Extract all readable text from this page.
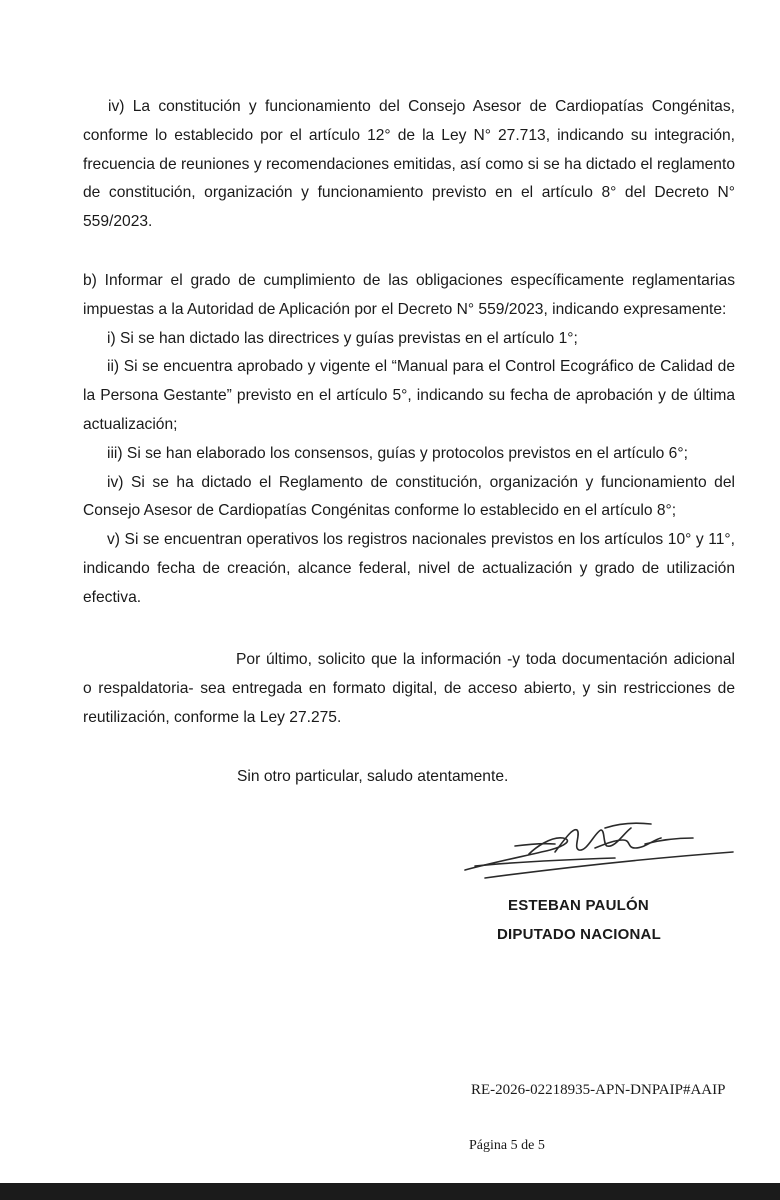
iv) La constitución y funcionamiento del Consejo Asesor de Cardiopatías Congénitas, conforme lo establecido por el artículo 12° de la Ley N° 27.713, indicando su integración, frecuencia de reuniones y recomendaciones emitidas, así como si se ha dictado el reglamento de constitución, organización y funcionamiento previsto en el artículo 8° del Decreto N° 559/2023.

b) Informar el grado de cumplimiento de las obligaciones específicamente reglamentarias impuestas a la Autoridad de Aplicación por el Decreto N° 559/2023, indicando expresamente:

i) Si se han dictado las directrices y guías previstas en el artículo 1°;

ii) Si se encuentra aprobado y vigente el “Manual para el Control Ecográfico de Calidad de la Persona Gestante” previsto en el artículo 5°, indicando su fecha de aprobación y de última actualización;

iii) Si se han elaborado los consensos, guías y protocolos previstos en el artículo 6°;

iv) Si se ha dictado el Reglamento de constitución, organización y funcionamiento del Consejo Asesor de Cardiopatías Congénitas conforme lo establecido en el artículo 8°;

v) Si se encuentran operativos los registros nacionales previstos en los artículos 10° y 11°, indicando fecha de creación, alcance federal, nivel de actualización y grado de utilización efectiva.

Por último, solicito que la información -y toda documentación adicional o respaldatoria- sea entregada en formato digital, de acceso abierto, y sin restricciones de reutilización, conforme la Ley 27.275.

Sin otro particular, saludo atentamente.

ESTEBAN PAULÓN

DIPUTADO NACIONAL

RE-2026-02218935-APN-DNPAIP#AAIP

Página 5 de 5
